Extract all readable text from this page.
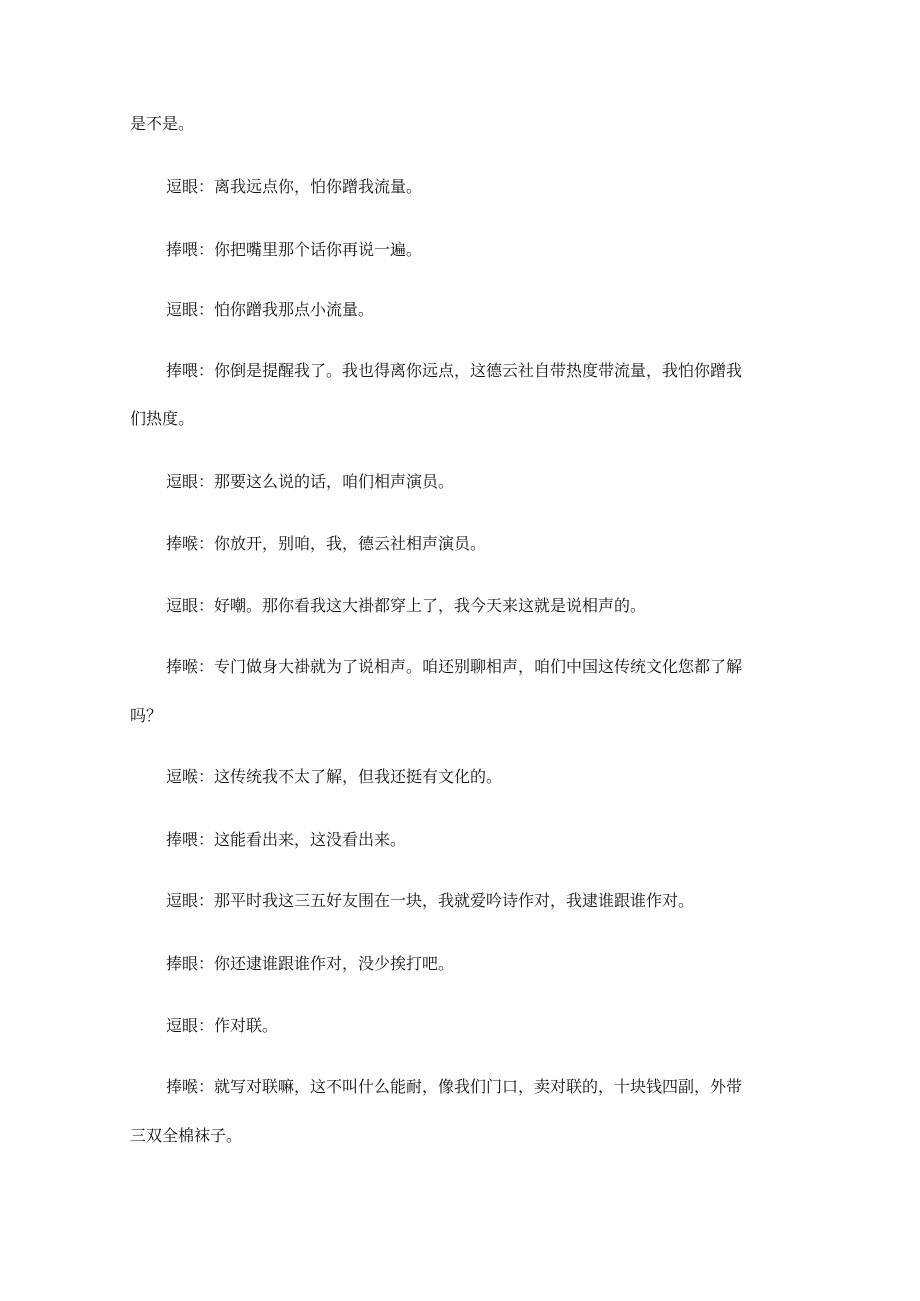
是不是。

逗眼：离我远点你，怕你蹭我流量。

捧喂：你把嘴里那个话你再说一遍。

逗眼：怕你蹭我那点小流量。

捧喂：你倒是提醒我了。我也得离你远点，这德云社自带热度带流量，我怕你蹭我

们热度。

逗眼：那要这么说的话，咱们相声演员。

捧喉：你放开，别咱，我，德云社相声演员。

逗眼：好嘲。那你看我这大褂都穿上了，我今天来这就是说相声的。

捧喉：专门做身大褂就为了说相声。咱还别聊相声，咱们中国这传统文化您都了解

吗？

逗喉：这传统我不太了解，但我还挺有文化的。

捧喂：这能看出来，这没看出来。

逗眼：那平时我这三五好友围在一块，我就爱吟诗作对，我逮谁跟谁作对。

捧眼：你还逮谁跟谁作对，没少挨打吧。

逗眼：作对联。

捧喉：就写对联嘛，这不叫什么能耐，像我们门口，卖对联的，十块钱四副，外带

三双全棉袜子。
